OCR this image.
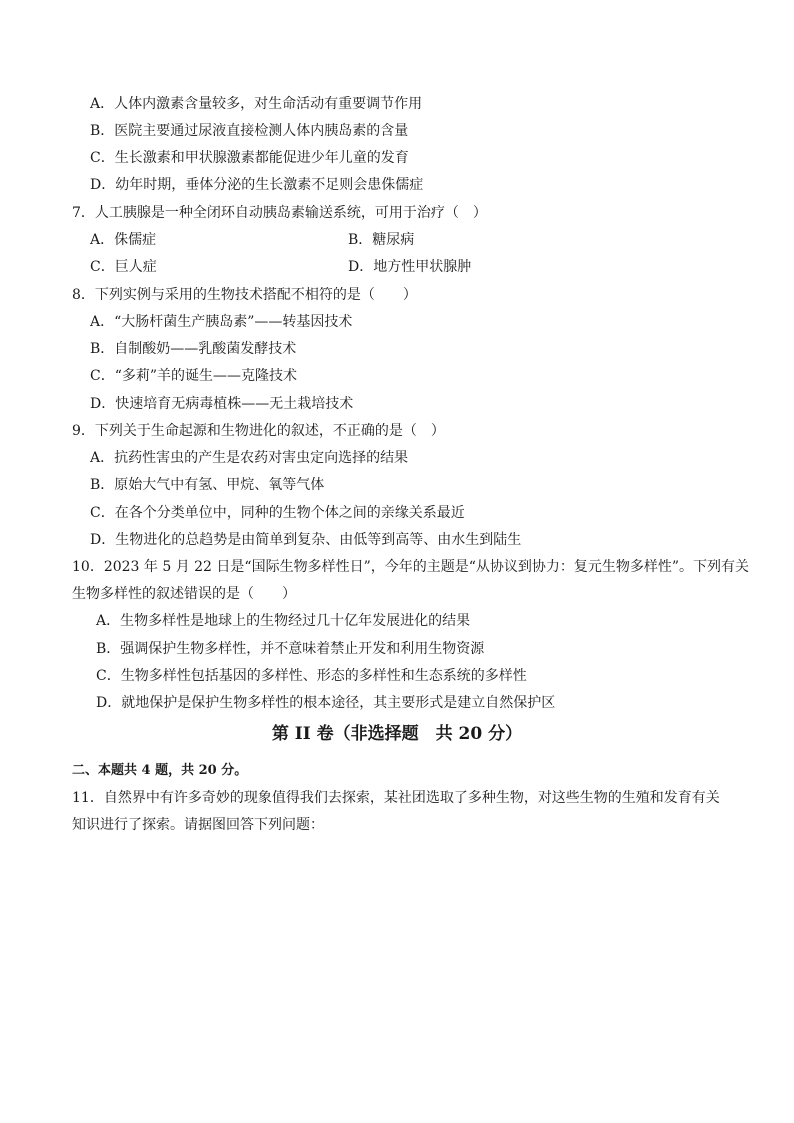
A．人体内激素含量较多，对生命活动有重要调节作用
B．医院主要通过尿液直接检测人体内胰岛素的含量
C．生长激素和甲状腺激素都能促进少年儿童的发育
D．幼年时期，垂体分泌的生长激素不足则会患侏儒症
7．人工胰腺是一种全闭环自动胰岛素输送系统，可用于治疗（　）
A．侏儒症	B．糖尿病
C．巨人症	D．地方性甲状腺肿
8．下列实例与采用的生物技术搭配不相符的是（　　）
A．“大肠杆菌生产胰岛素”——转基因技术
B．自制酸奶——乳酸菌发酵技术
C．“多莉”羊的诞生——克隆技术
D．快速培育无病毒植株——无土栽培技术
9．下列关于生命起源和生物进化的叙述，不正确的是（　）
A．抗药性害虫的产生是农药对害虫定向选择的结果
B．原始大气中有氢、甲烷、氧等气体
C．在各个分类单位中，同种的生物个体之间的亲缘关系最近
D．生物进化的总趋势是由简单到复杂、由低等到高等、由水生到陆生
10．2023 年 5 月 22 日是“国际生物多样性日”，今年的主题是“从协议到协力：复元生物多样性”。下列有关
生物多样性的叙述错误的是（　　）
A．生物多样性是地球上的生物经过几十亿年发展进化的结果
B．强调保护生物多样性，并不意味着禁止开发和利用生物资源
C．生物多样性包括基因的多样性、形态的多样性和生态系统的多样性
D．就地保护是保护生物多样性的根本途径，其主要形式是建立自然保护区
第 II 卷（非选择题　共 20 分）
二、本题共 4 题，共 20 分。
11．自然界中有许多奇妙的现象值得我们去探索，某社团选取了多种生物，对这些生物的生殖和发育有关
知识进行了探索。请据图回答下列问题：
